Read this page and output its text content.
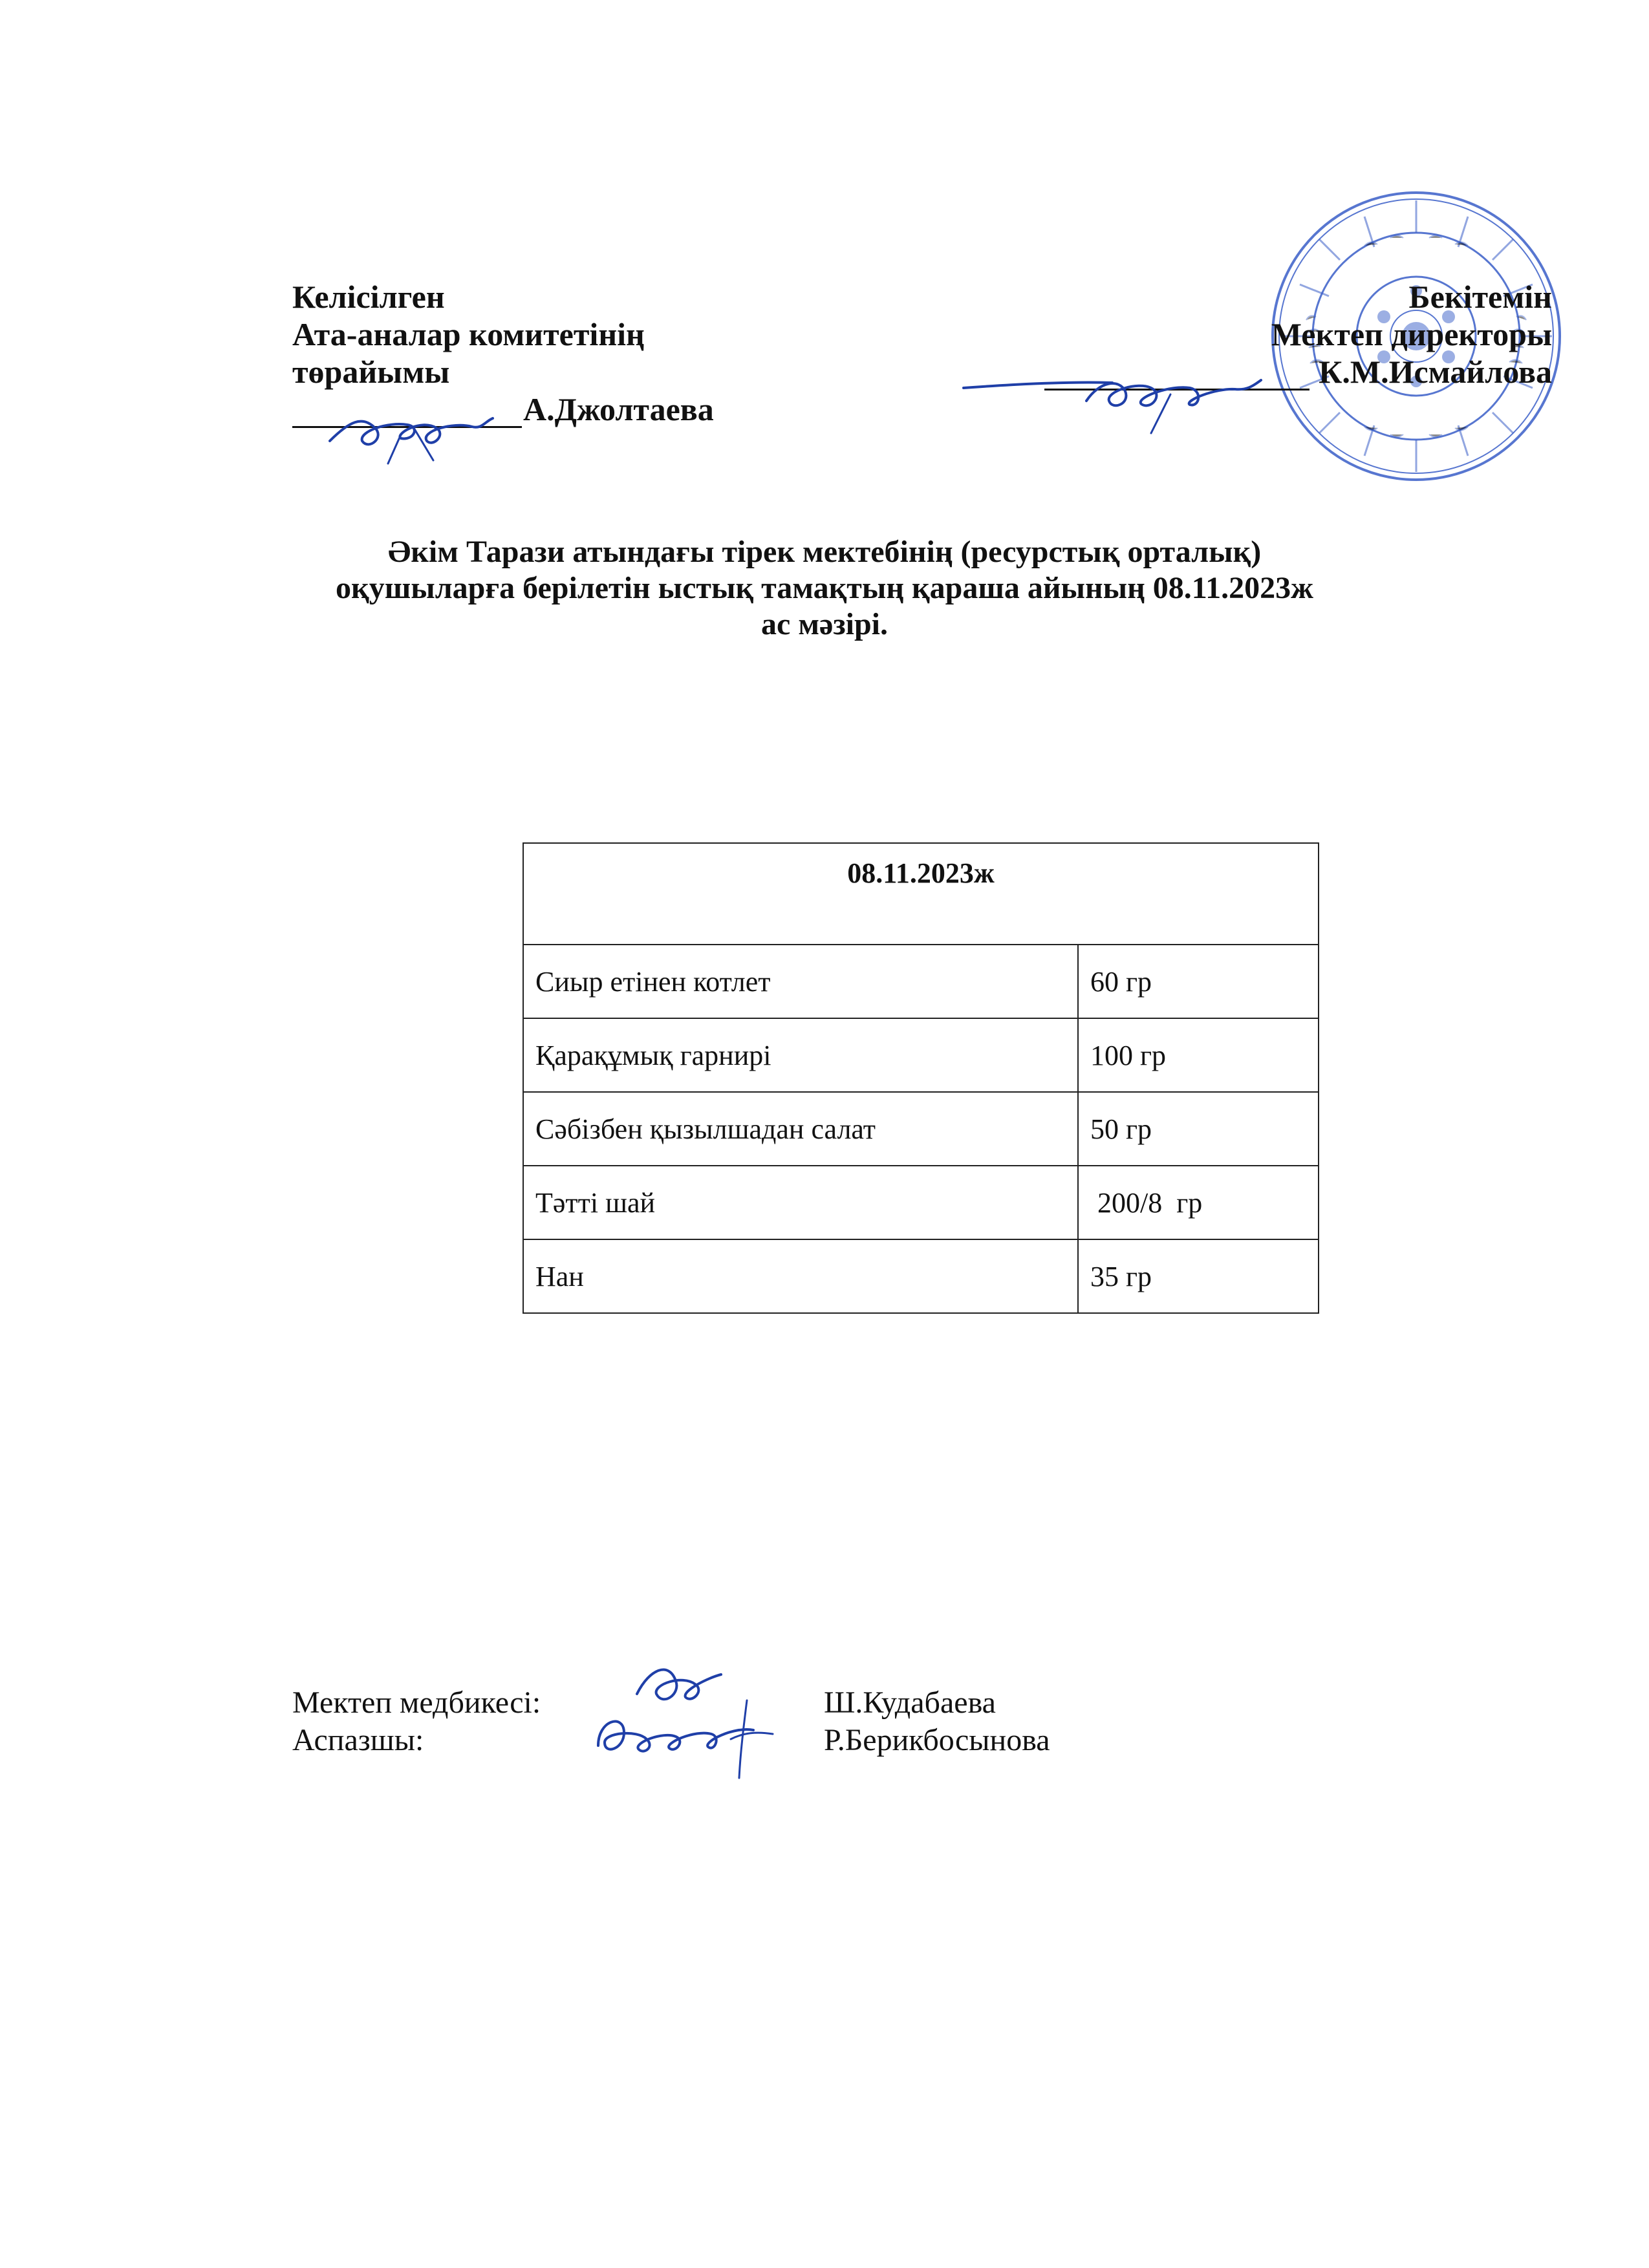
Келісілген
Ата-аналар комитетінің
төрайымы
А.Джолтаева
Бекітемін
Мектеп директоры
К.М.Исмайлова
Әкім Тарази атындағы тірек мектебінің (ресурстық орталық)
оқушыларға берілетін ыстық тамақтың қараша айының 08.11.2023ж
ас мәзірі.
08.11.2023ж	
Сиыр етінен котлет	60 гр
Қарақұмық гарнирі	100 гр
Сәбізбен қызылшадан салат	50 гр
Тәтті шай	200/8  гр
Нан	35 гр
Мектеп медбикесі:	Ш.Кудабаева
Аспазшы:	Р.Берикбосынова
